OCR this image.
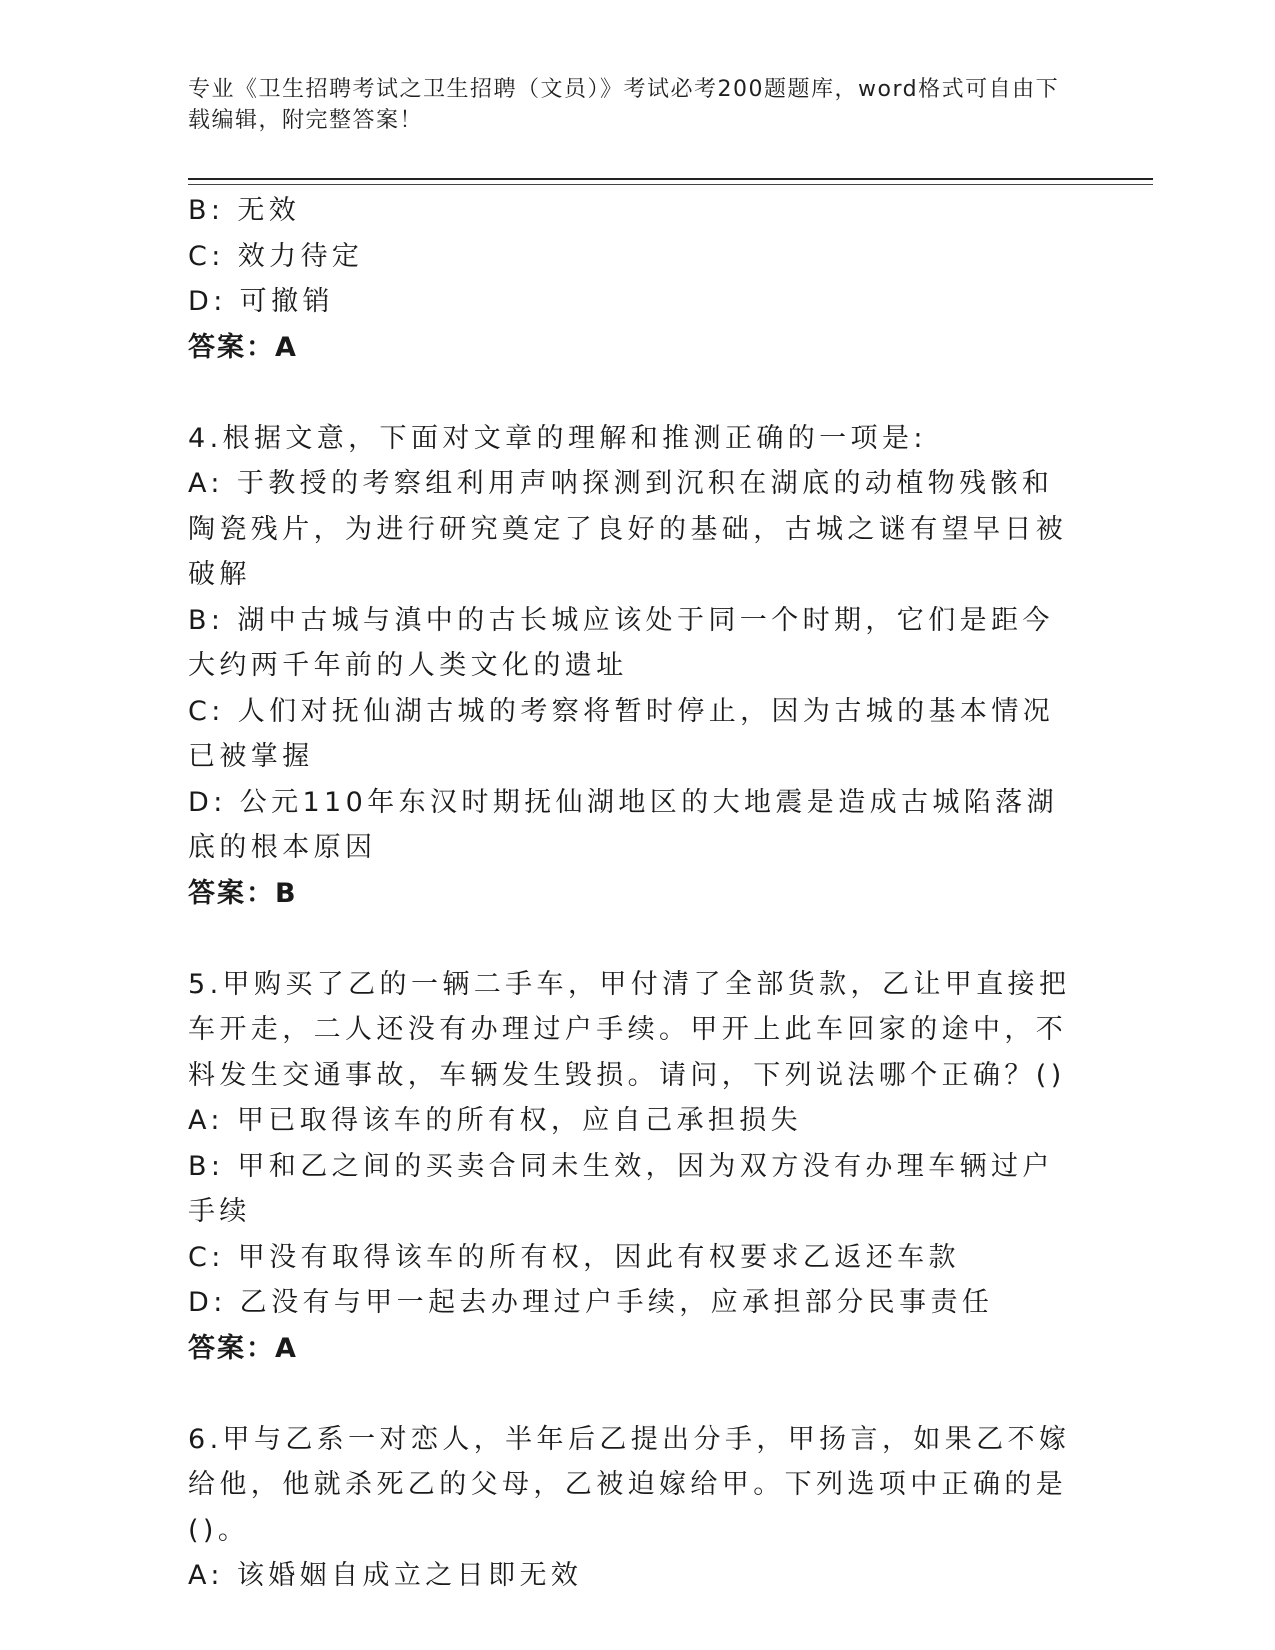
专业《卫生招聘考试之卫生招聘（文员）》考试必考200题题库，word格式可自由下载编辑，附完整答案！

B: 无效

C: 效力待定

D: 可撤销

答案：A

4.根据文意，下面对文章的理解和推测正确的一项是:

A: 于教授的考察组利用声呐探测到沉积在湖底的动植物残骸和陶瓷残片，为进行研究奠定了良好的基础，古城之谜有望早日被破解

B: 湖中古城与滇中的古长城应该处于同一个时期，它们是距今大约两千年前的人类文化的遗址

C: 人们对抚仙湖古城的考察将暂时停止，因为古城的基本情况已被掌握

D: 公元110年东汉时期抚仙湖地区的大地震是造成古城陷落湖底的根本原因

答案：B

5.甲购买了乙的一辆二手车，甲付清了全部货款，乙让甲直接把车开走，二人还没有办理过户手续。甲开上此车回家的途中，不料发生交通事故，车辆发生毁损。请问，下列说法哪个正确？()

A: 甲已取得该车的所有权，应自己承担损失

B: 甲和乙之间的买卖合同未生效，因为双方没有办理车辆过户手续

C: 甲没有取得该车的所有权，因此有权要求乙返还车款

D: 乙没有与甲一起去办理过户手续，应承担部分民事责任

答案：A

6.甲与乙系一对恋人，半年后乙提出分手，甲扬言，如果乙不嫁给他，他就杀死乙的父母，乙被迫嫁给甲。下列选项中正确的是()。

A: 该婚姻自成立之日即无效
